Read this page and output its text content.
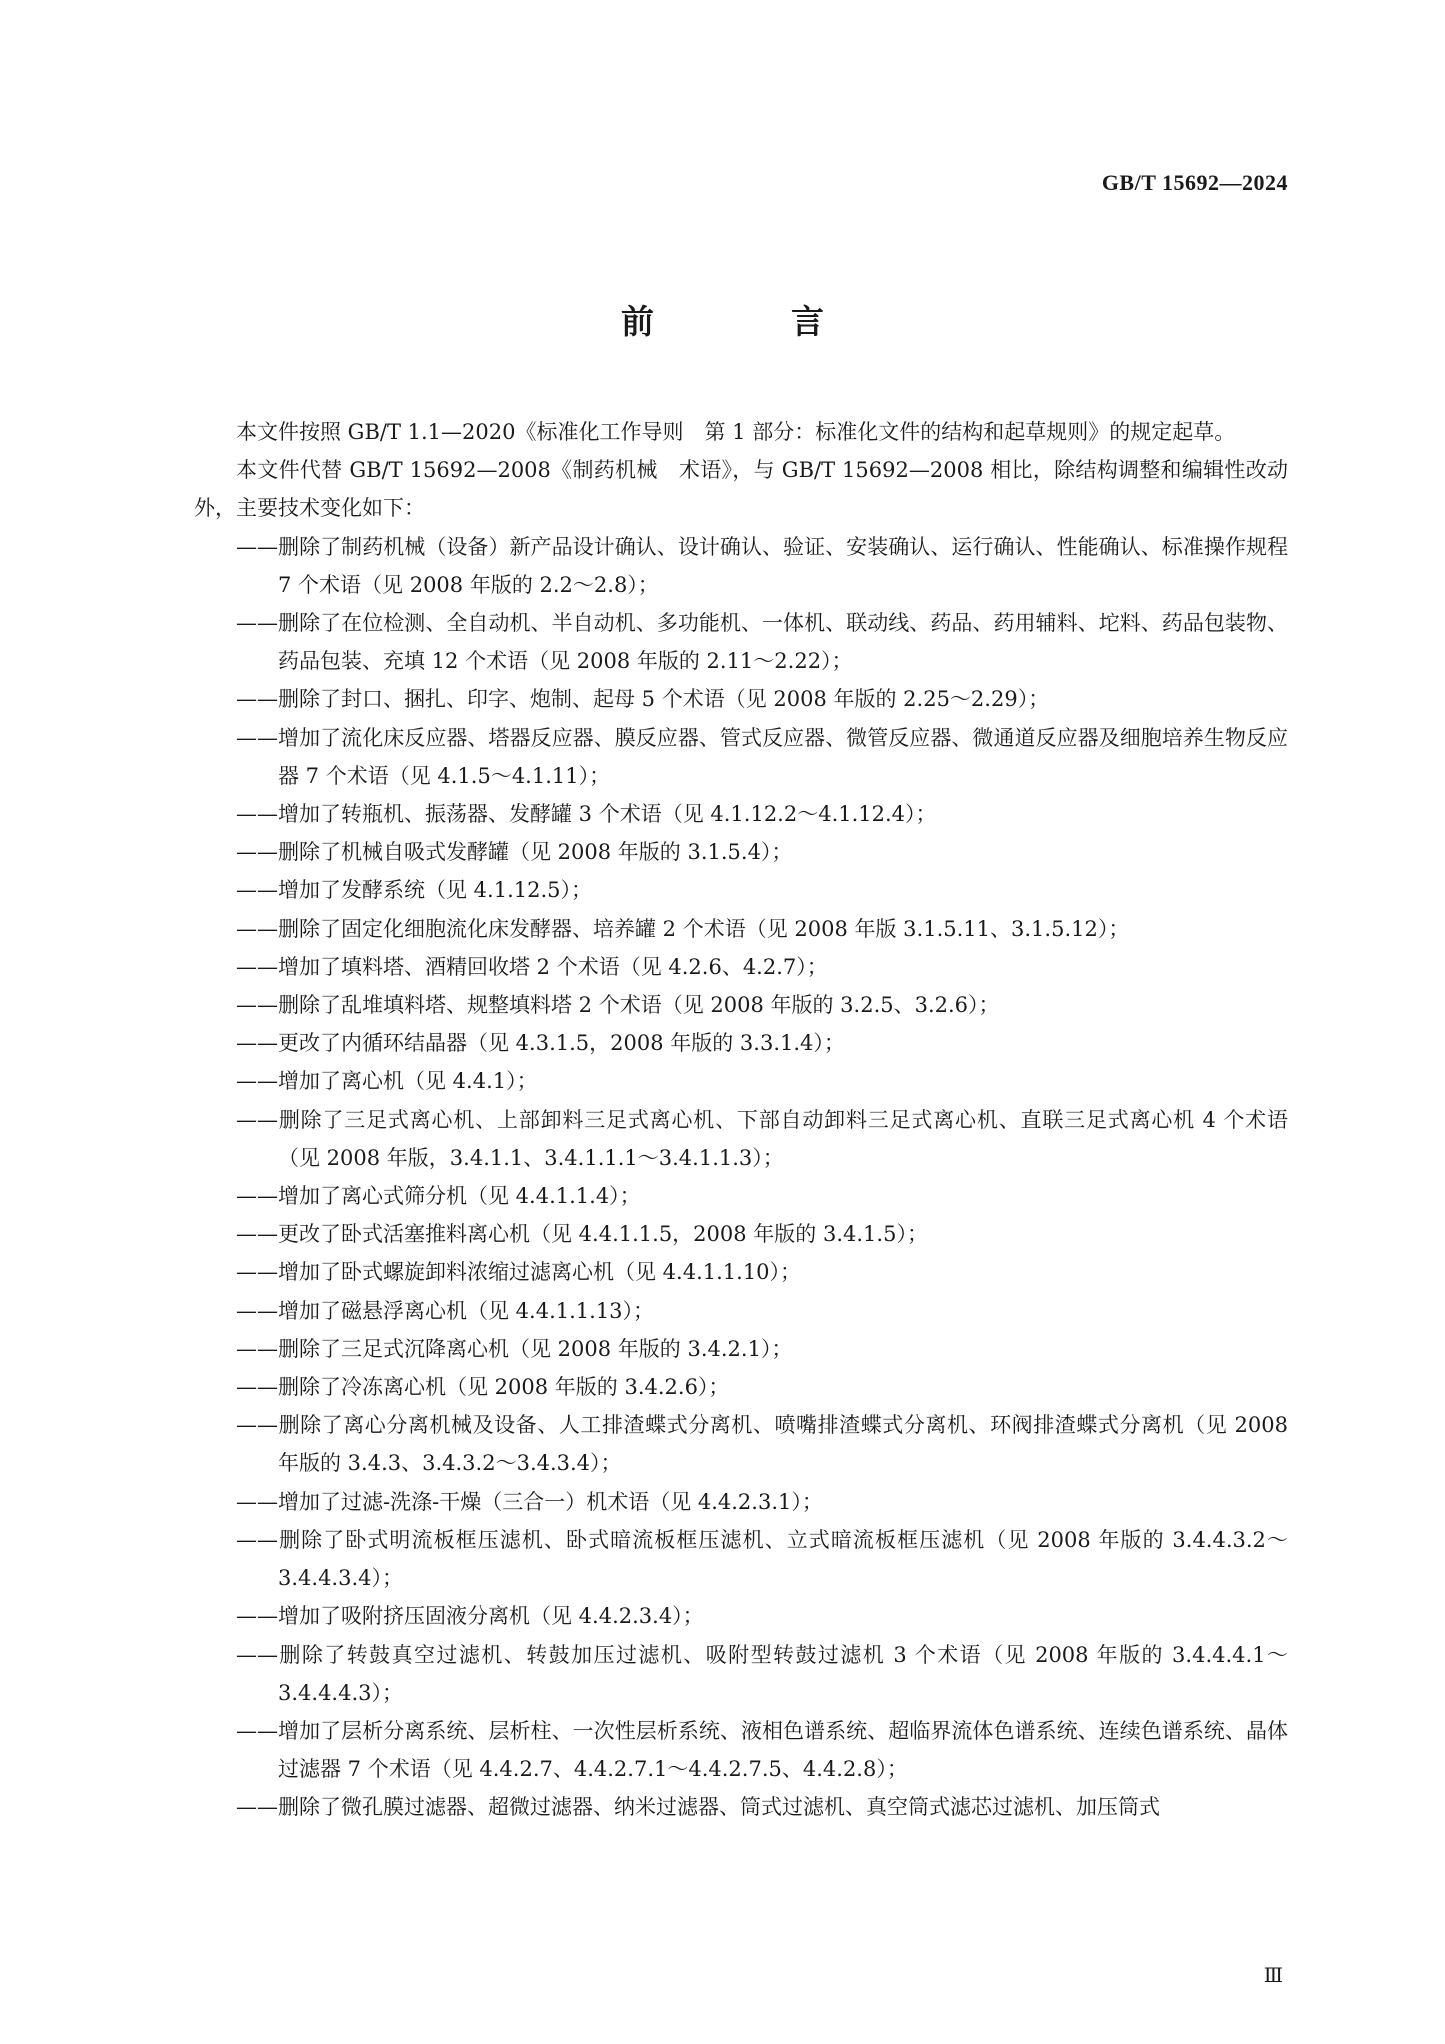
GB/T 15692—2024
前　言

本文件按照 GB/T 1.1—2020《标准化工作导则　第 1 部分：标准化文件的结构和起草规则》的规定起草。

本文件代替 GB/T 15692—2008《制药机械　术语》，与 GB/T 15692—2008 相比，除结构调整和编辑性改动外，主要技术变化如下：

——删除了制药机械（设备）新产品设计确认、设计确认、验证、安装确认、运行确认、性能确认、标准操作规程 7 个术语（见 2008 年版的 2.2～2.8）；

——删除了在位检测、全自动机、半自动机、多功能机、一体机、联动线、药品、药用辅料、坨料、药品包装物、药品包装、充填 12 个术语（见 2008 年版的 2.11～2.22）；

——删除了封口、捆扎、印字、炮制、起母 5 个术语（见 2008 年版的 2.25～2.29）；

——增加了流化床反应器、塔器反应器、膜反应器、管式反应器、微管反应器、微通道反应器及细胞培养生物反应器 7 个术语（见 4.1.5～4.1.11）；

——增加了转瓶机、振荡器、发酵罐 3 个术语（见 4.1.12.2～4.1.12.4）；

——删除了机械自吸式发酵罐（见 2008 年版的 3.1.5.4）；

——增加了发酵系统（见 4.1.12.5）；

——删除了固定化细胞流化床发酵器、培养罐 2 个术语（见 2008 年版 3.1.5.11、3.1.5.12）；

——增加了填料塔、酒精回收塔 2 个术语（见 4.2.6、4.2.7）；

——删除了乱堆填料塔、规整填料塔 2 个术语（见 2008 年版的 3.2.5、3.2.6）；

——更改了内循环结晶器（见 4.3.1.5，2008 年版的 3.3.1.4）；

——增加了离心机（见 4.4.1）；

——删除了三足式离心机、上部卸料三足式离心机、下部自动卸料三足式离心机、直联三足式离心机 4 个术语（见 2008 年版，3.4.1.1、3.4.1.1.1～3.4.1.1.3）；

——增加了离心式筛分机（见 4.4.1.1.4）；

——更改了卧式活塞推料离心机（见 4.4.1.1.5，2008 年版的 3.4.1.5）；

——增加了卧式螺旋卸料浓缩过滤离心机（见 4.4.1.1.10）；

——增加了磁悬浮离心机（见 4.4.1.1.13）；

——删除了三足式沉降离心机（见 2008 年版的 3.4.2.1）；

——删除了冷冻离心机（见 2008 年版的 3.4.2.6）；

——删除了离心分离机械及设备、人工排渣蝶式分离机、喷嘴排渣蝶式分离机、环阀排渣蝶式分离机（见 2008 年版的 3.4.3、3.4.3.2～3.4.3.4）；

——增加了过滤-洗涤-干燥（三合一）机术语（见 4.4.2.3.1）；

——删除了卧式明流板框压滤机、卧式暗流板框压滤机、立式暗流板框压滤机（见 2008 年版的 3.4.4.3.2～3.4.4.3.4）；

——增加了吸附挤压固液分离机（见 4.4.2.3.4）；

——删除了转鼓真空过滤机、转鼓加压过滤机、吸附型转鼓过滤机 3 个术语（见 2008 年版的 3.4.4.4.1～3.4.4.4.3）；

——增加了层析分离系统、层析柱、一次性层析系统、液相色谱系统、超临界流体色谱系统、连续色谱系统、晶体过滤器 7 个术语（见 4.4.2.7、4.4.2.7.1～4.4.2.7.5、4.4.2.8）；

——删除了微孔膜过滤器、超微过滤器、纳米过滤器、筒式过滤机、真空筒式滤芯过滤机、加压筒式

Ⅲ
